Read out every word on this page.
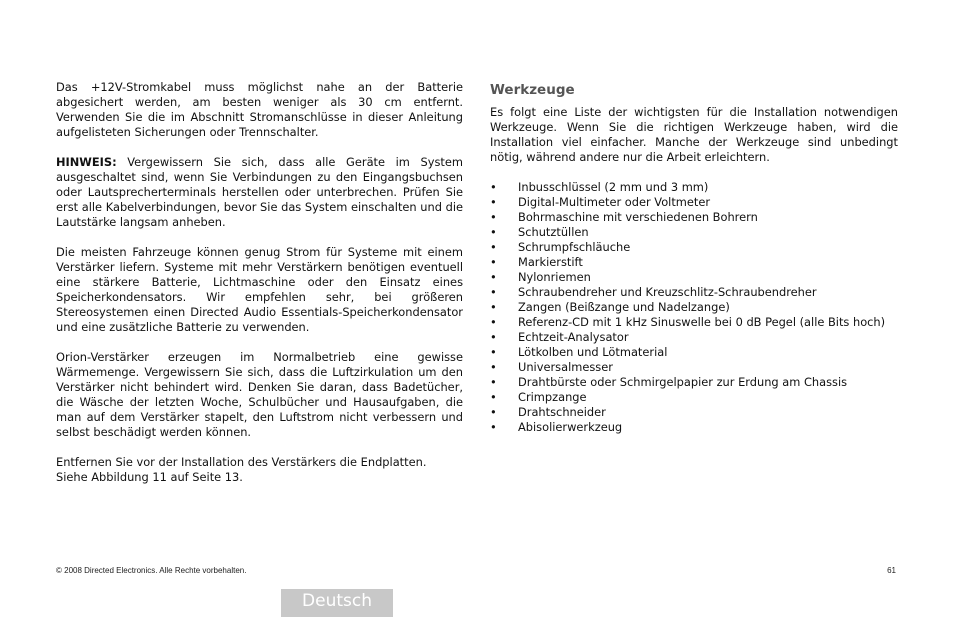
Das +12V-Stromkabel muss möglichst nahe an der Batterie abgesichert werden, am besten weniger als 30 cm entfernt. Verwenden Sie die im Abschnitt Stromanschlüsse in dieser Anleitung aufgelisteten Sicherungen oder Trennschalter.

HINWEIS: Vergewissern Sie sich, dass alle Geräte im System ausgeschaltet sind, wenn Sie Verbindungen zu den Eingangsbuchsen oder Lautsprecherterminals herstellen oder unterbrechen. Prüfen Sie erst alle Kabelverbindungen, bevor Sie das System einschalten und die Lautstärke langsam anheben.

Die meisten Fahrzeuge können genug Strom für Systeme mit einem Verstärker liefern. Systeme mit mehr Verstärkern benötigen eventuell eine stärkere Batterie, Lichtmaschine oder den Einsatz eines Speicherkondensators. Wir empfehlen sehr, bei größeren Stereosystemen einen Directed Audio Essentials-Speicherkondensator und eine zusätzliche Batterie zu verwenden.

Orion-Verstärker erzeugen im Normalbetrieb eine gewisse Wärmemenge. Vergewissern Sie sich, dass die Luftzirkulation um den Verstärker nicht behindert wird. Denken Sie daran, dass Badetücher, die Wäsche der letzten Woche, Schulbücher und Hausaufgaben, die man auf dem Verstärker stapelt, den Luftstrom nicht verbessern und selbst beschädigt werden können.

Entfernen Sie vor der Installation des Verstärkers die Endplatten.
Siehe Abbildung 11 auf Seite 13.

Werkzeuge

Es folgt eine Liste der wichtigsten für die Installation notwendigen Werkzeuge. Wenn Sie die richtigen Werkzeuge haben, wird die Installation viel einfacher. Manche der Werkzeuge sind unbedingt nötig, während andere nur die Arbeit erleichtern.

• Inbusschlüssel (2 mm und 3 mm)
• Digital-Multimeter oder Voltmeter
• Bohrmaschine mit verschiedenen Bohrern
• Schutztüllen
• Schrumpfschläuche
• Markierstift
• Nylonriemen
• Schraubendreher und Kreuzschlitz-Schraubendreher
• Zangen (Beißzange und Nadelzange)
• Referenz-CD mit 1 kHz Sinuswelle bei 0 dB Pegel (alle Bits hoch)
• Echtzeit-Analysator
• Lötkolben und Lötmaterial
• Universalmesser
• Drahtbürste oder Schmirgelpapier zur Erdung am Chassis
• Crimpzange
• Drahtschneider
• Abisolierwerkzeug
© 2008 Directed Electronics. Alle Rechte vorbehalten.	61
Deutsch
